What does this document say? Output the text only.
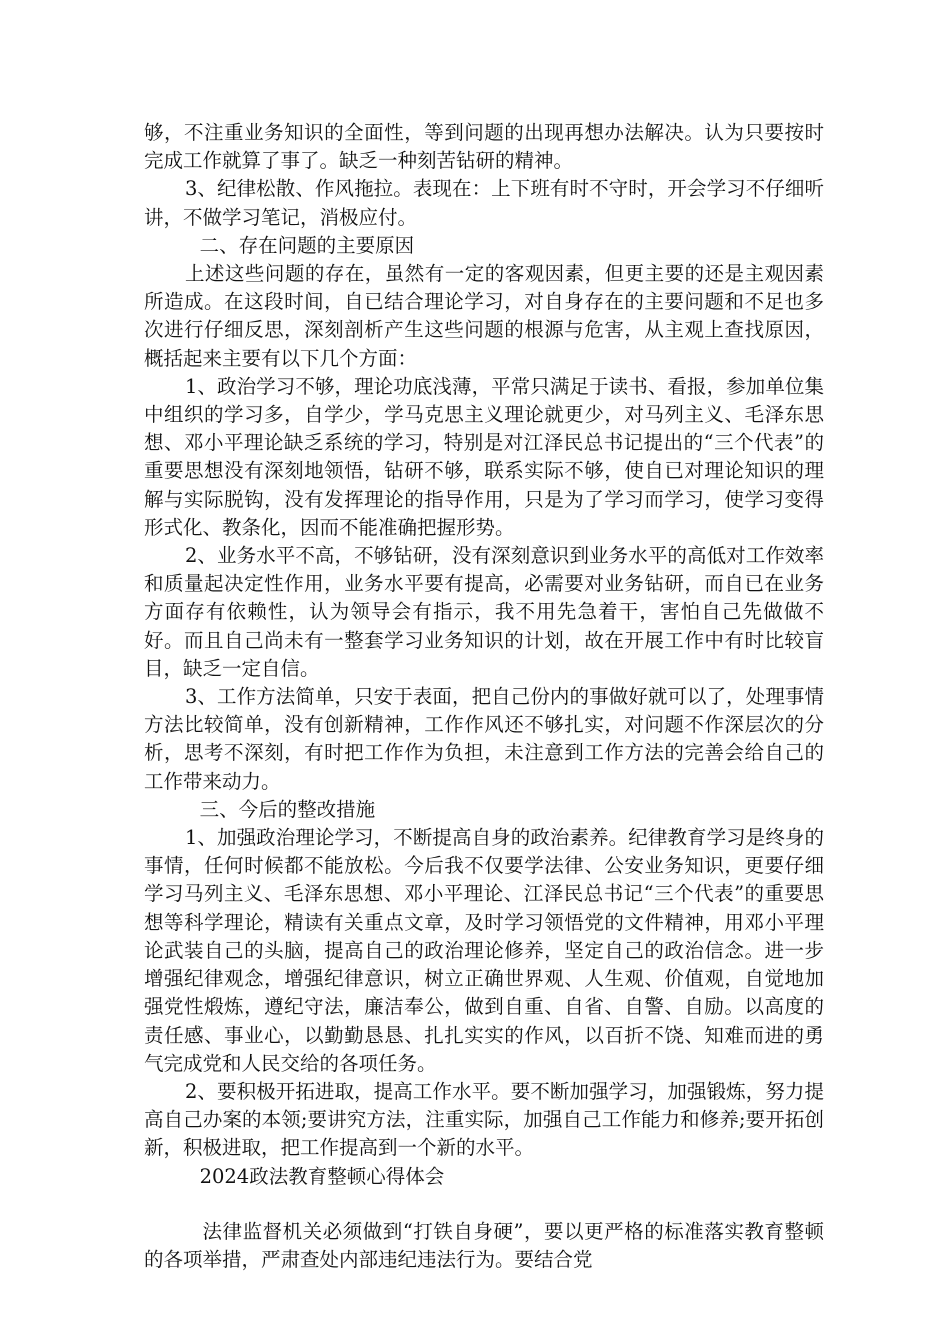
够，不注重业务知识的全面性，等到问题的出现再想办法解决。认为只要按时完成工作就算了事了。缺乏一种刻苦钻研的精神。

3、纪律松散、作风拖拉。表现在：上下班有时不守时，开会学习不仔细听讲，不做学习笔记，消极应付。

二、存在问题的主要原因

上述这些问题的存在，虽然有一定的客观因素，但更主要的还是主观因素所造成。在这段时间，自已结合理论学习，对自身存在的主要问题和不足也多次进行仔细反思，深刻剖析产生这些问题的根源与危害，从主观上查找原因，概括起来主要有以下几个方面：

1、政治学习不够，理论功底浅薄，平常只满足于读书、看报，参加单位集中组织的学习多，自学少，学马克思主义理论就更少，对马列主义、毛泽东思想、邓小平理论缺乏系统的学习，特别是对江泽民总书记提出的“三个代表”的重要思想没有深刻地领悟，钻研不够，联系实际不够，使自已对理论知识的理解与实际脱钩，没有发挥理论的指导作用，只是为了学习而学习，使学习变得形式化、教条化，因而不能准确把握形势。

2、业务水平不高，不够钻研，没有深刻意识到业务水平的高低对工作效率和质量起决定性作用，业务水平要有提高，必需要对业务钻研，而自已在业务方面存有依赖性，认为领导会有指示，我不用先急着干，害怕自己先做做不好。而且自己尚未有一整套学习业务知识的计划，故在开展工作中有时比较盲目，缺乏一定自信。

3、工作方法简单，只安于表面，把自己份内的事做好就可以了，处理事情方法比较简单，没有创新精神，工作作风还不够扎实，对问题不作深层次的分析，思考不深刻，有时把工作作为负担，未注意到工作方法的完善会给自己的工作带来动力。

三、今后的整改措施

1、加强政治理论学习，不断提高自身的政治素养。纪律教育学习是终身的事情，任何时候都不能放松。今后我不仅要学法律、公安业务知识，更要仔细学习马列主义、毛泽东思想、邓小平理论、江泽民总书记“三个代表”的重要思想等科学理论，精读有关重点文章，及时学习领悟党的文件精神，用邓小平理论武装自己的头脑，提高自己的政治理论修养，坚定自己的政治信念。进一步增强纪律观念，增强纪律意识，树立正确世界观、人生观、价值观，自觉地加强党性煅炼，遵纪守法，廉洁奉公，做到自重、自省、自警、自励。以高度的责任感、事业心，以勤勤恳恳、扎扎实实的作风，以百折不饶、知难而进的勇气完成党和人民交给的各项任务。

2、要积极开拓进取，提高工作水平。要不断加强学习，加强锻炼，努力提高自己办案的本领;要讲究方法，注重实际，加强自己工作能力和修养;要开拓创新，积极进取，把工作提高到一个新的水平。

2024政法教育整顿心得体会

法律监督机关必须做到“打铁自身硬”，要以更严格的标准落实教育整顿的各项举措，严肃查处内部违纪违法行为。要结合党
